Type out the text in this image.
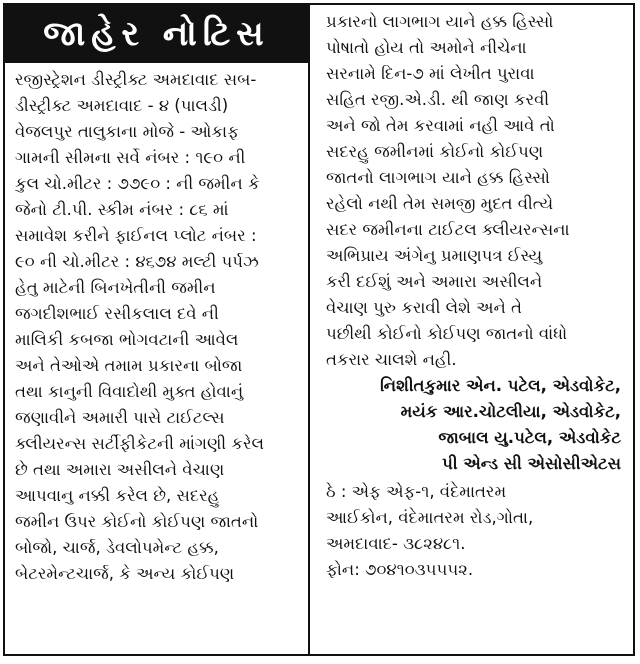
જાહેર નોટિસ
રજીસ્ટ્રેશન ડીસ્ટ્રીક્ટ અમદાવાદ સબ-
ડીસ્ટ્રીક્ટ અમદાવાદ - ૪ (પાલડી)
વેજલપુર તાલુકાના મોજે - ઓકાફ
ગામની સીમના સર્વે નંબર : ૧૯૦ ની
કુલ ચો.મીટર : ૭૭૯૦ : ની જમીન કે
જેનો ટી.પી. સ્કીમ નંબર : ૮૬ માં
સમાવેશ કરીને ફાઈનલ પ્લોટ નંબર :
૯૦ ની ચો.મીટર : ૪૬૭૪ મલ્ટી પર્પઝ
હેતુ માટેની બિનખેતીની જમીન
જગદીશભાઈ રસીકલાલ દવે ની
માલિકી કબજા ભોગવટાની આવેલ
અને તેઓએ તમામ પ્રકારના બોજા
તથા કાનુની વિવાદોથી મુક્ત હોવાનું
જણાવીને અમારી પાસે ટાઈટલ્સ
ક્લીયરન્સ સર્ટીફીકેટની માંગણી કરેલ
છે તથા અમારા અસીલને વેચાણ
આપવાનુ નક્કી કરેલ છે, સદરહુ
જમીન ઉપર કોઈનો કોઈપણ જાતનો
બોજો, ચાર્જ, ડેવલોપમેન્ટ હક્ક,
બેટરમેન્ટચાર્જ, કે અન્ય કોઈપણ
પ્રકારનો લાગભાગ યાને હક્ક હિસ્સો
પોષાતો હોય તો અમોને નીચેના
સરનામે દિન-૭ માં લેખીત પુરાવા
સહિત રજી.એ.ડી. થી જાણ કરવી
અને જો તેમ કરવામાં નહી આવે તો
સદરહુ જમીનમાં કોઈનો કોઈપણ
જાતનો લાગભાગ યાને હક્ક હિસ્સો
રહેલો નથી તેમ સમજી મુદત વીત્યે
સદર જમીનના ટાઈટલ ક્લીયરન્સના
અભિપ્રાય અંગેનુ પ્રમાણપત્ર ઈસ્યુ
કરી દઈશું અને અમારા અસીલને
વેચાણ પુરુ કરાવી લેશે અને તે
પછીથી કોઈનો કોઈપણ જાતનો વાંધો
તકરાર ચાલશે નહી.
નિશીતકુમાર એન. પટેલ, એડવોકેટ,
મયંક આર.ચોટલીયા, એડવોકેટ,
જાબાલ યુ.પટેલ, એડવોકેટ
પી એન્ડ સી એસોસીએટસ
ઠે : એફ એફ-૧, વંદેમાતરમ
આઈકોન, વંદેમાતરમ રોડ,ગોતા,
અમદાવાદ- ૩૮૨૪૮૧.
ફોન: ૭૦૪૧૦૩૫૫૫૨.
